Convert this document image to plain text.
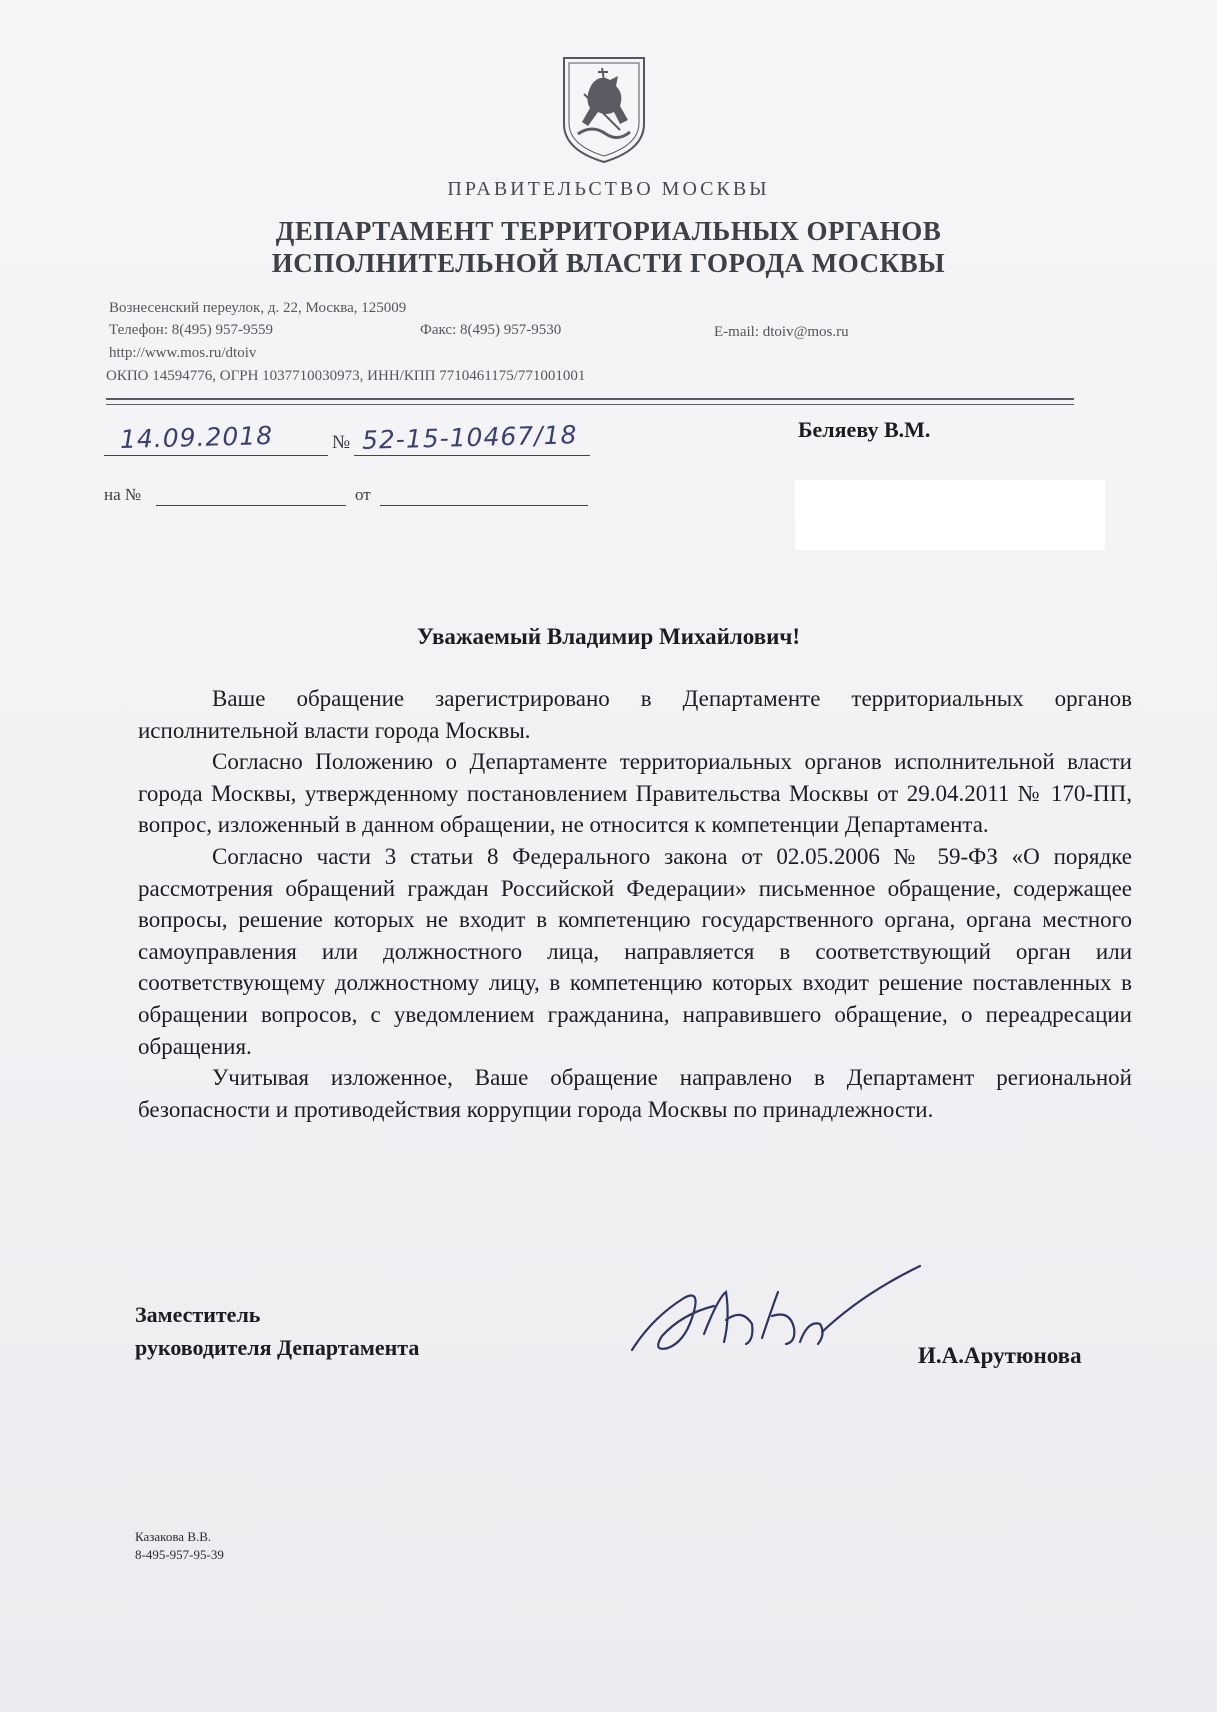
ПРАВИТЕЛЬСТВО МОСКВЫ
ДЕПАРТАМЕНТ ТЕРРИТОРИАЛЬНЫХ ОРГАНОВ
ИСПОЛНИТЕЛЬНОЙ ВЛАСТИ ГОРОДА МОСКВЫ
Вознесенский переулок, д. 22, Москва, 125009
Телефон: 8(495) 957-9559	Факс: 8(495) 957-9530	E-mail: dtoiv@mos.ru
http://www.mos.ru/dtoiv
ОКПО 14594776, ОГРН 1037710030973, ИНН/КПП 7710461175/771001001
14.09.2018	№ 52-15-10467/18
на №	от
Беляеву В.М.
Уважаемый Владимир Михайлович!

Ваше обращение зарегистрировано в Департаменте территориальных органов исполнительной власти города Москвы.

Согласно Положению о Департаменте территориальных органов исполнительной власти города Москвы, утвержденному постановлением Правительства Москвы от 29.04.2011 № 170-ПП, вопрос, изложенный в данном обращении, не относится к компетенции Департамента.

Согласно части 3 статьи 8 Федерального закона от 02.05.2006 № 59-ФЗ «О порядке рассмотрения обращений граждан Российской Федерации» письменное обращение, содержащее вопросы, решение которых не входит в компетенцию государственного органа, органа местного самоуправления или должностного лица, направляется в соответствующий орган или соответствующему должностному лицу, в компетенцию которых входит решение поставленных в обращении вопросов, с уведомлением гражданина, направившего обращение, о переадресации обращения.

Учитывая изложенное, Ваше обращение направлено в Департамент региональной безопасности и противодействия коррупции города Москвы по принадлежности.

Заместитель
руководителя Департамента	И.А.Арутюнова
Казакова В.В.
8-495-957-95-39
